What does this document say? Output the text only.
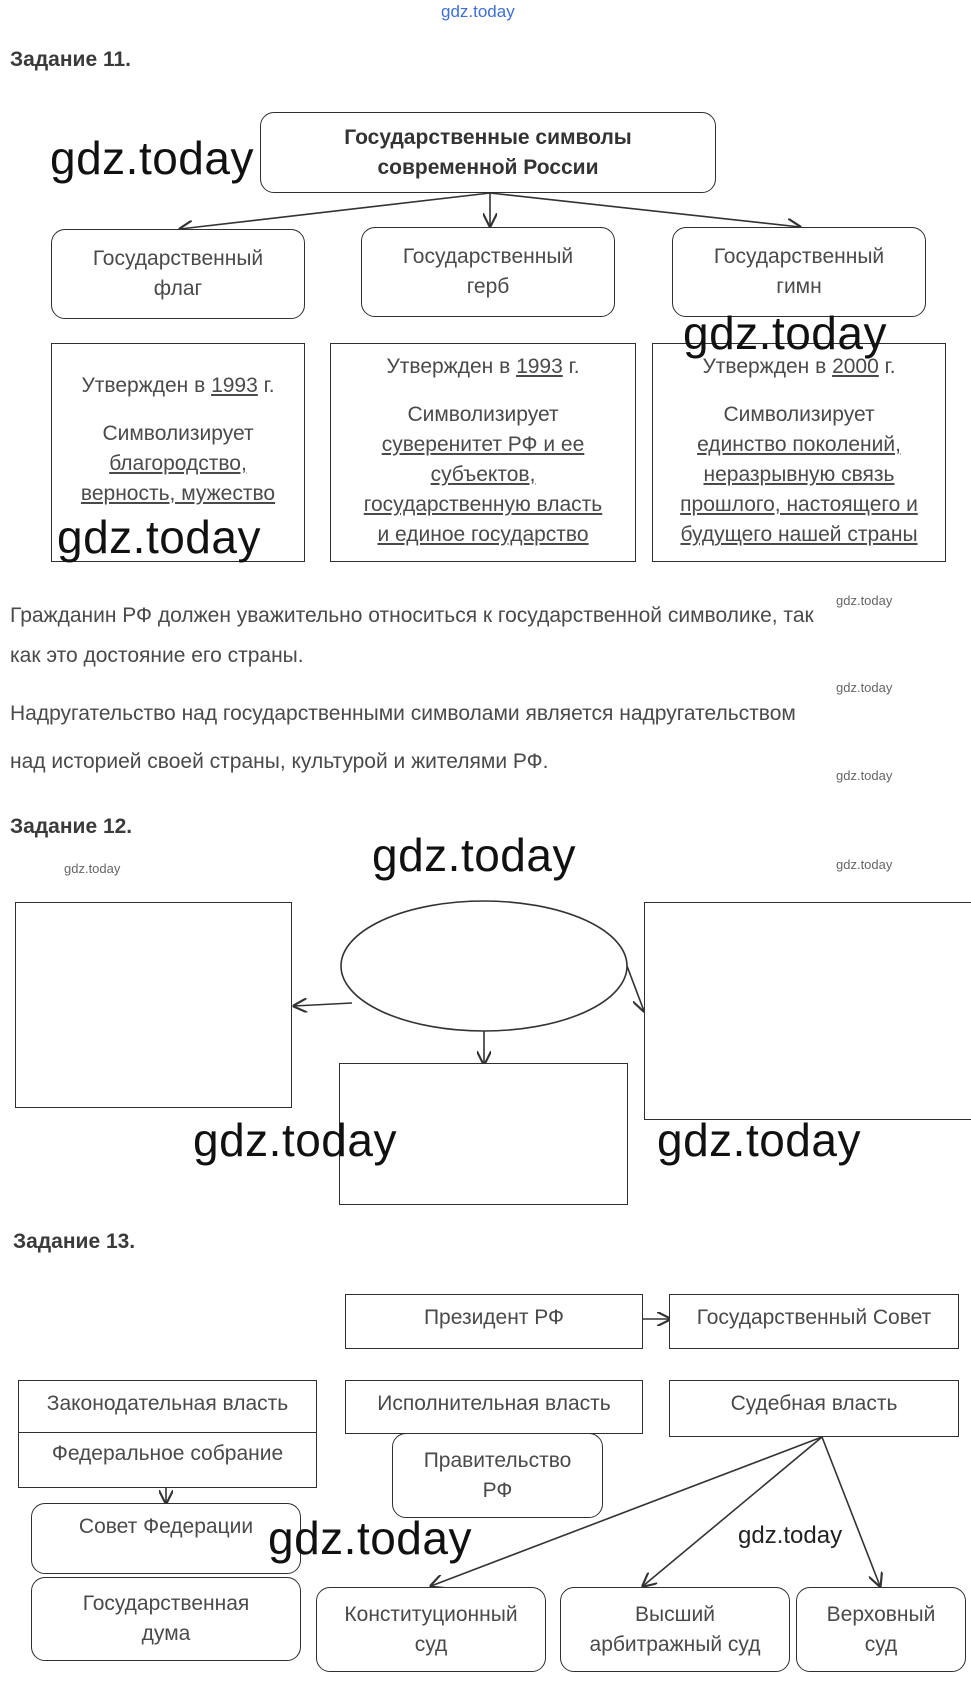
gdz.today
Задание 11.
Государственные символы
современной России
Государственный
флаг
Государственный
герб
Государственный
гимн
Утвержден в 1993 г.
Символизирует
благородство,
верность, мужество
Утвержден в 1993 г.
Символизирует
суверенитет РФ и ее
субъектов,
государственную власть
и единое государство
Утвержден в 2000 г.
Символизирует
единство поколений,
неразрывную связь
прошлого, настоящего и
будущего нашей страны
Гражданин РФ должен уважительно относиться к государственной символике, так
как это достояние его страны.
Надругательство над государственными символами является надругательством
над историей своей страны, культурой и жителями РФ.
Задание 12.
Задание 13.
Президент РФ	Государственный Совет
Законодательная власть
Федеральное собрание
Совет Федерации
Государственная
дума
Исполнительная власть
Правительство
РФ
Судебная власть
Конституционный
суд
Высший
арбитражный суд
Верховный
суд
gdz.today
gdz.today
gdz.today
gdz.today
gdz.today	gdz.today
gdz.today	gdz.today
gdz.today
gdz.today
gdz.today
gdz.today	gdz.today
